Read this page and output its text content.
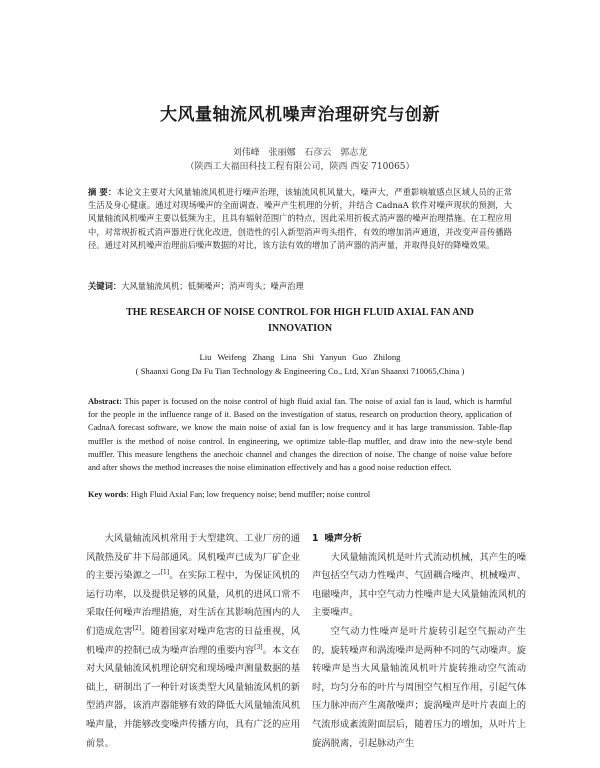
大风量轴流风机噪声治理研究与创新
刘伟峰 张丽娜 石彦云 郭志龙
（陕西工大福田科技工程有限公司，陕西 西安 710065）
摘 要：本论文主要对大风量轴流风机进行噪声治理，该轴流风机风量大，噪声大，严重影响敏感点区域人员的正常生活及身心健康。通过对现场噪声的全面调查、噪声产生机理的分析，并结合 CadnaA 软件对噪声现状的预测，大风量轴流风机噪声主要以低频为主，且具有辐射范围广的特点，因此采用折板式消声器的噪声治理措施。在工程应用中，对常规折板式消声器进行优化改进，创造性的引入新型消声弯头组件，有效的增加消声通道，并改变声音传播路径。通过对风机噪声治理前后噪声数据的对比，该方法有效的增加了消声器的消声量，并取得良好的降噪效果。
关键词：大风量轴流风机；低频噪声；消声弯头；噪声治理
THE RESEARCH OF NOISE CONTROL FOR HIGH FLUID AXIAL FAN AND INNOVATION
Liu Weifeng Zhang Lina Shi Yanyun Guo Zhilong
( Shaanxi Gong Da Fu Tian Technology & Engineering Co., Ltd, Xi'an Shaanxi 710065,China )
Abstract: This paper is focused on the noise control of high fluid axial fan. The noise of axial fan is laud, which is harmful for the people in the influence range of it. Based on the investigation of status, research on production theory, application of CadnaA forecast software, we know the main noise of axial fan is low frequency and it has large transmission. Table-flap muffler is the method of noise control. In engineering, we optimize table-flap muffler, and draw into the new-style bend muffler. This measure lengthens the anechoic channel and changes the direction of noise. The change of noise value before and after shows the method increases the noise elimination effectively and has a good noise reduction effect.
Key words: High Fluid Axial Fan; low frequency noise; bend muffler; noise control

大风量轴流风机常用于大型建筑、工业厂房的通风散热及矿井下局部通风。风机噪声已成为厂矿企业的主要污染源之一[1]。在实际工程中，为保证风机的运行功率，以及提供足够的风量，风机的进风口常不采取任何噪声治理措施，对生活在其影响范围内的人们造成危害[2]。随着国家对噪声危害的日益重视，风机噪声的控制已成为噪声治理的重要内容[3]。本文在对大风量轴流风机理论研究和现场噪声测量数据的基础上，研制出了一种针对该类型大风量轴流风机的新型消声器，该消声器能够有效的降低大风量轴流风机噪声量，并能够改变噪声传播方向，具有广泛的应用前景。

1 噪声分析

大风量轴流风机是叶片式流动机械，其产生的噪声包括空气动力性噪声、气固耦合噪声、机械噪声、电磁噪声，其中空气动力性噪声是大风量轴流风机的主要噪声。

空气动力性噪声是叶片旋转引起空气振动产生的，旋转噪声和涡流噪声是两种不同的气动噪声。旋转噪声是当大风量轴流风机叶片旋转推动空气流动时，均匀分布的叶片与周围空气相互作用，引起气体压力脉冲而产生离散噪声；旋涡噪声是叶片表面上的气流形成紊流附面层后，随着压力的增加，从叶片上旋涡脱离，引起脉动产生
